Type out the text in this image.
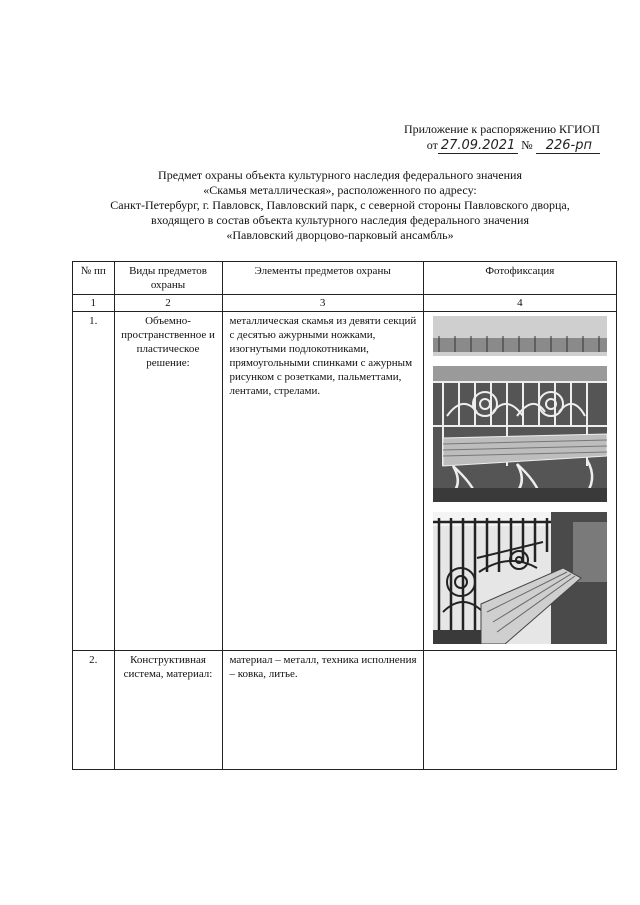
Приложение к распоряжению КГИОП
от 27.09.2021 № 226-рп
Предмет охраны объекта культурного наследия федерального значения
«Скамья металлическая», расположенного по адресу:
Санкт-Петербург, г. Павловск, Павловский парк, с северной стороны Павловского дворца,
входящего в состав объекта культурного наследия федерального значения
«Павловский дворцово-парковый ансамбль»
№ пп	Виды предметов охраны	Элементы предметов охраны	Фотофиксация
1	2	3	4
1.	Объемно-пространственное и пластическое решение:	металлическая скамья из девяти секций с десятью ажурными ножками, изогнутыми подлокотниками, прямоугольными спинками с ажурным рисунком с розетками, пальметтами, лентами, стрелами.	

2.	Конструктивная система, материал:	материал – металл, техника исполнения – ковка, литье.	
